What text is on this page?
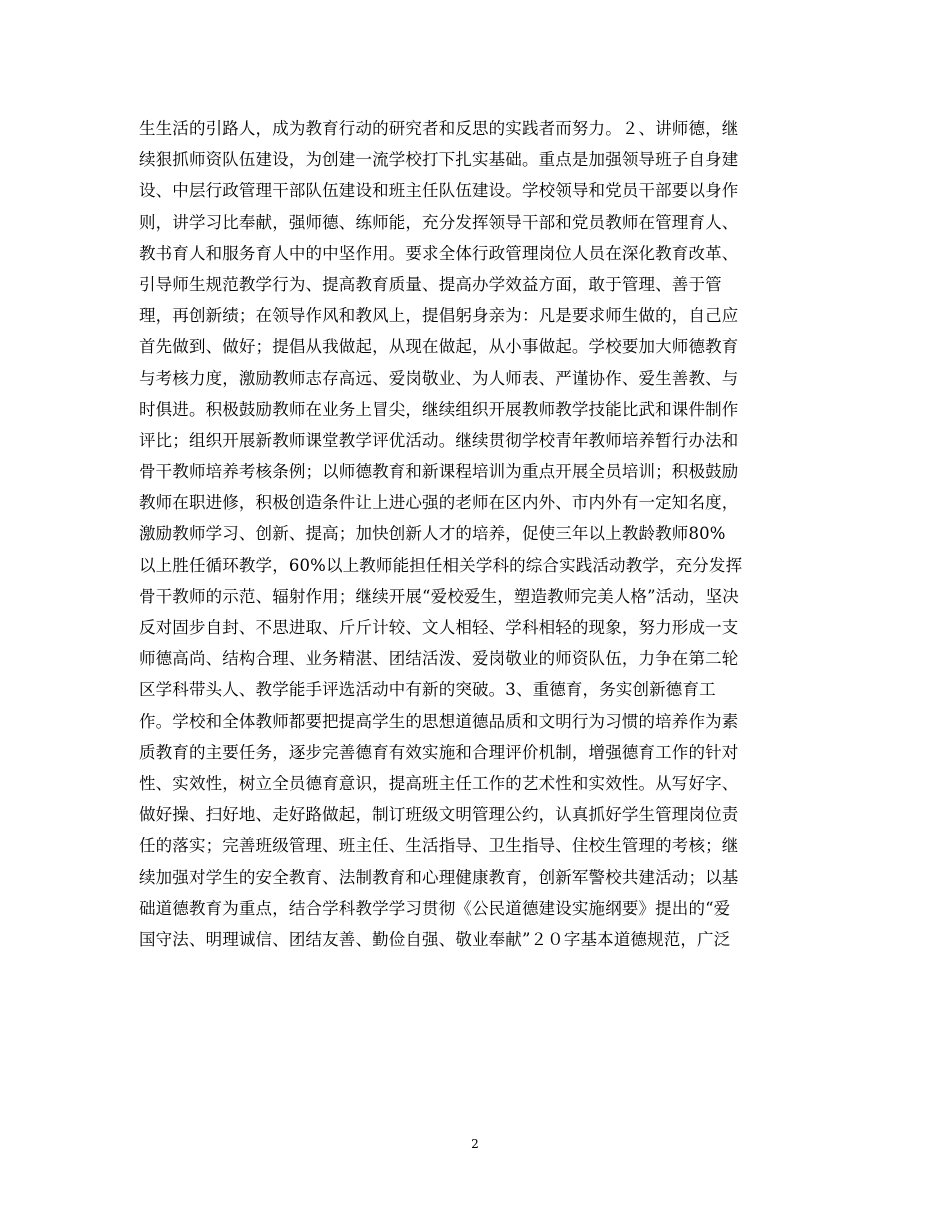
生生活的引路人，成为教育行动的研究者和反思的实践者而努力。２、讲师德，继
续狠抓师资队伍建设，为创建一流学校打下扎实基础。重点是加强领导班子自身建
设、中层行政管理干部队伍建设和班主任队伍建设。学校领导和党员干部要以身作
则，讲学习比奉献，强师德、练师能，充分发挥领导干部和党员教师在管理育人、
教书育人和服务育人中的中坚作用。要求全体行政管理岗位人员在深化教育改革、
引导师生规范教学行为、提高教育质量、提高办学效益方面，敢于管理、善于管
理，再创新绩；在领导作风和教风上，提倡躬身亲为：凡是要求师生做的，自己应
首先做到、做好；提倡从我做起，从现在做起，从小事做起。学校要加大师德教育
与考核力度，激励教师志存高远、爱岗敬业、为人师表、严谨协作、爱生善教、与
时俱进。积极鼓励教师在业务上冒尖，继续组织开展教师教学技能比武和课件制作
评比；组织开展新教师课堂教学评优活动。继续贯彻学校青年教师培养暂行办法和
骨干教师培养考核条例；以师德教育和新课程培训为重点开展全员培训；积极鼓励
教师在职进修，积极创造条件让上进心强的老师在区内外、市内外有一定知名度，
激励教师学习、创新、提高；加快创新人才的培养，促使三年以上教龄教师80%
以上胜任循环教学，60%以上教师能担任相关学科的综合实践活动教学，充分发挥
骨干教师的示范、辐射作用；继续开展“爱校爱生，塑造教师完美人格”活动，坚决
反对固步自封、不思进取、斤斤计较、文人相轻、学科相轻的现象，努力形成一支
师德高尚、结构合理、业务精湛、团结活泼、爱岗敬业的师资队伍，力争在第二轮
区学科带头人、教学能手评选活动中有新的突破。3、重德育，务实创新德育工
作。学校和全体教师都要把提高学生的思想道德品质和文明行为习惯的培养作为素
质教育的主要任务，逐步完善德育有效实施和合理评价机制，增强德育工作的针对
性、实效性，树立全员德育意识，提高班主任工作的艺术性和实效性。从写好字、
做好操、扫好地、走好路做起，制订班级文明管理公约，认真抓好学生管理岗位责
任的落实；完善班级管理、班主任、生活指导、卫生指导、住校生管理的考核；继
续加强对学生的安全教育、法制教育和心理健康教育，创新军警校共建活动；以基
础道德教育为重点，结合学科教学学习贯彻《公民道德建设实施纲要》提出的“爱
国守法、明理诚信、团结友善、勤俭自强、敬业奉献”２０字基本道德规范，广泛
2
